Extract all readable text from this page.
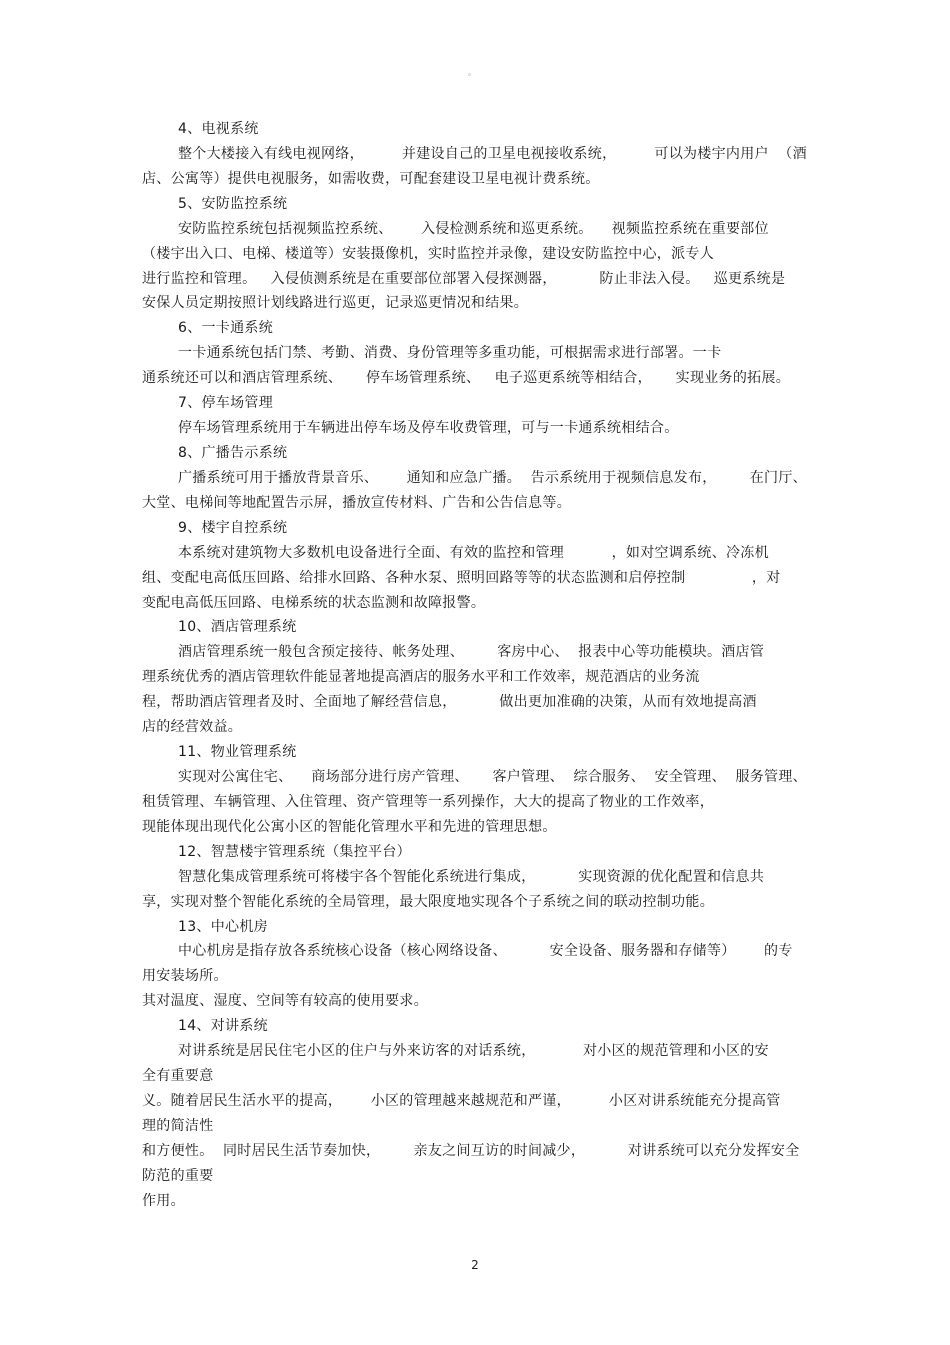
。
4、电视系统
整个大楼接入有线电视网络，        并建设自己的卫星电视接收系统，        可以为楼宇内用户  （酒
店、公寓等）提供电视服务，如需收费，可配套建设卫星电视计费系统。
5、安防监控系统
安防监控系统包括视频监控系统、      入侵检测系统和巡更系统。    视频监控系统在重要部位
（楼宇出入口、电梯、楼道等）安装摄像机，实时监控并录像，建设安防监控中心，派专人
进行监控和管理。   入侵侦测系统是在重要部位部署入侵探测器，         防止非法入侵。   巡更系统是
安保人员定期按照计划线路进行巡更，记录巡更情况和结果。
6、一卡通系统
一卡通系统包括门禁、考勤、消费、身份管理等多重功能，可根据需求进行部署。一卡
通系统还可以和酒店管理系统、     停车场管理系统、   电子巡更系统等相结合，     实现业务的拓展。
7、停车场管理
停车场管理系统用于车辆进出停车场及停车收费管理，可与一卡通系统相结合。
8、广播告示系统
广播系统可用于播放背景音乐、      通知和应急广播。  告示系统用于视频信息发布，       在门厅、
大堂、电梯间等地配置告示屏，播放宣传材料、广告和公告信息等。
9、楼宇自控系统
本系统对建筑物大多数机电设备进行全面、有效的监控和管理          ，如对空调系统、冷冻机
组、变配电高低压回路、给排水回路、各种水泵、照明回路等等的状态监测和启停控制              ，对
变配电高低压回路、电梯系统的状态监测和故障报警。
10、酒店管理系统
酒店管理系统一般包含预定接待、帐务处理、       客房中心、  报表中心等功能模块。酒店管
理系统优秀的酒店管理软件能显著地提高酒店的服务水平和工作效率，规范酒店的业务流
程，帮助酒店管理者及时、全面地了解经营信息，         做出更加准确的决策，从而有效地提高酒
店的经营效益。
11、物业管理系统
实现对公寓住宅、    商场部分进行房产管理、     客户管理、  综合服务、  安全管理、  服务管理、
租赁管理、车辆管理、入住管理、资产管理等一系列操作，大大的提高了物业的工作效率，
现能体现出现代化公寓小区的智能化管理水平和先进的管理思想。
12、智慧楼宇管理系统（集控平台）
智慧化集成管理系统可将楼宇各个智能化系统进行集成，         实现资源的优化配置和信息共
享，实现对整个智能化系统的全局管理，最大限度地实现各个子系统之间的联动控制功能。
13、中心机房
中心机房是指存放各系统核心设备（核心网络设备、         安全设备、服务器和存储等）      的专
用安装场所。
其对温度、湿度、空间等有较高的使用要求。
14、对讲系统
对讲系统是居民住宅小区的住户与外来访客的对话系统，          对小区的规范管理和小区的安
全有重要意
义。随着居民生活水平的提高，      小区的管理越来越规范和严谨，        小区对讲系统能充分提高管
理的简洁性
和方便性。  同时居民生活节奏加快，       亲友之间互访的时间减少，         对讲系统可以充分发挥安全
防范的重要
作用。
2
